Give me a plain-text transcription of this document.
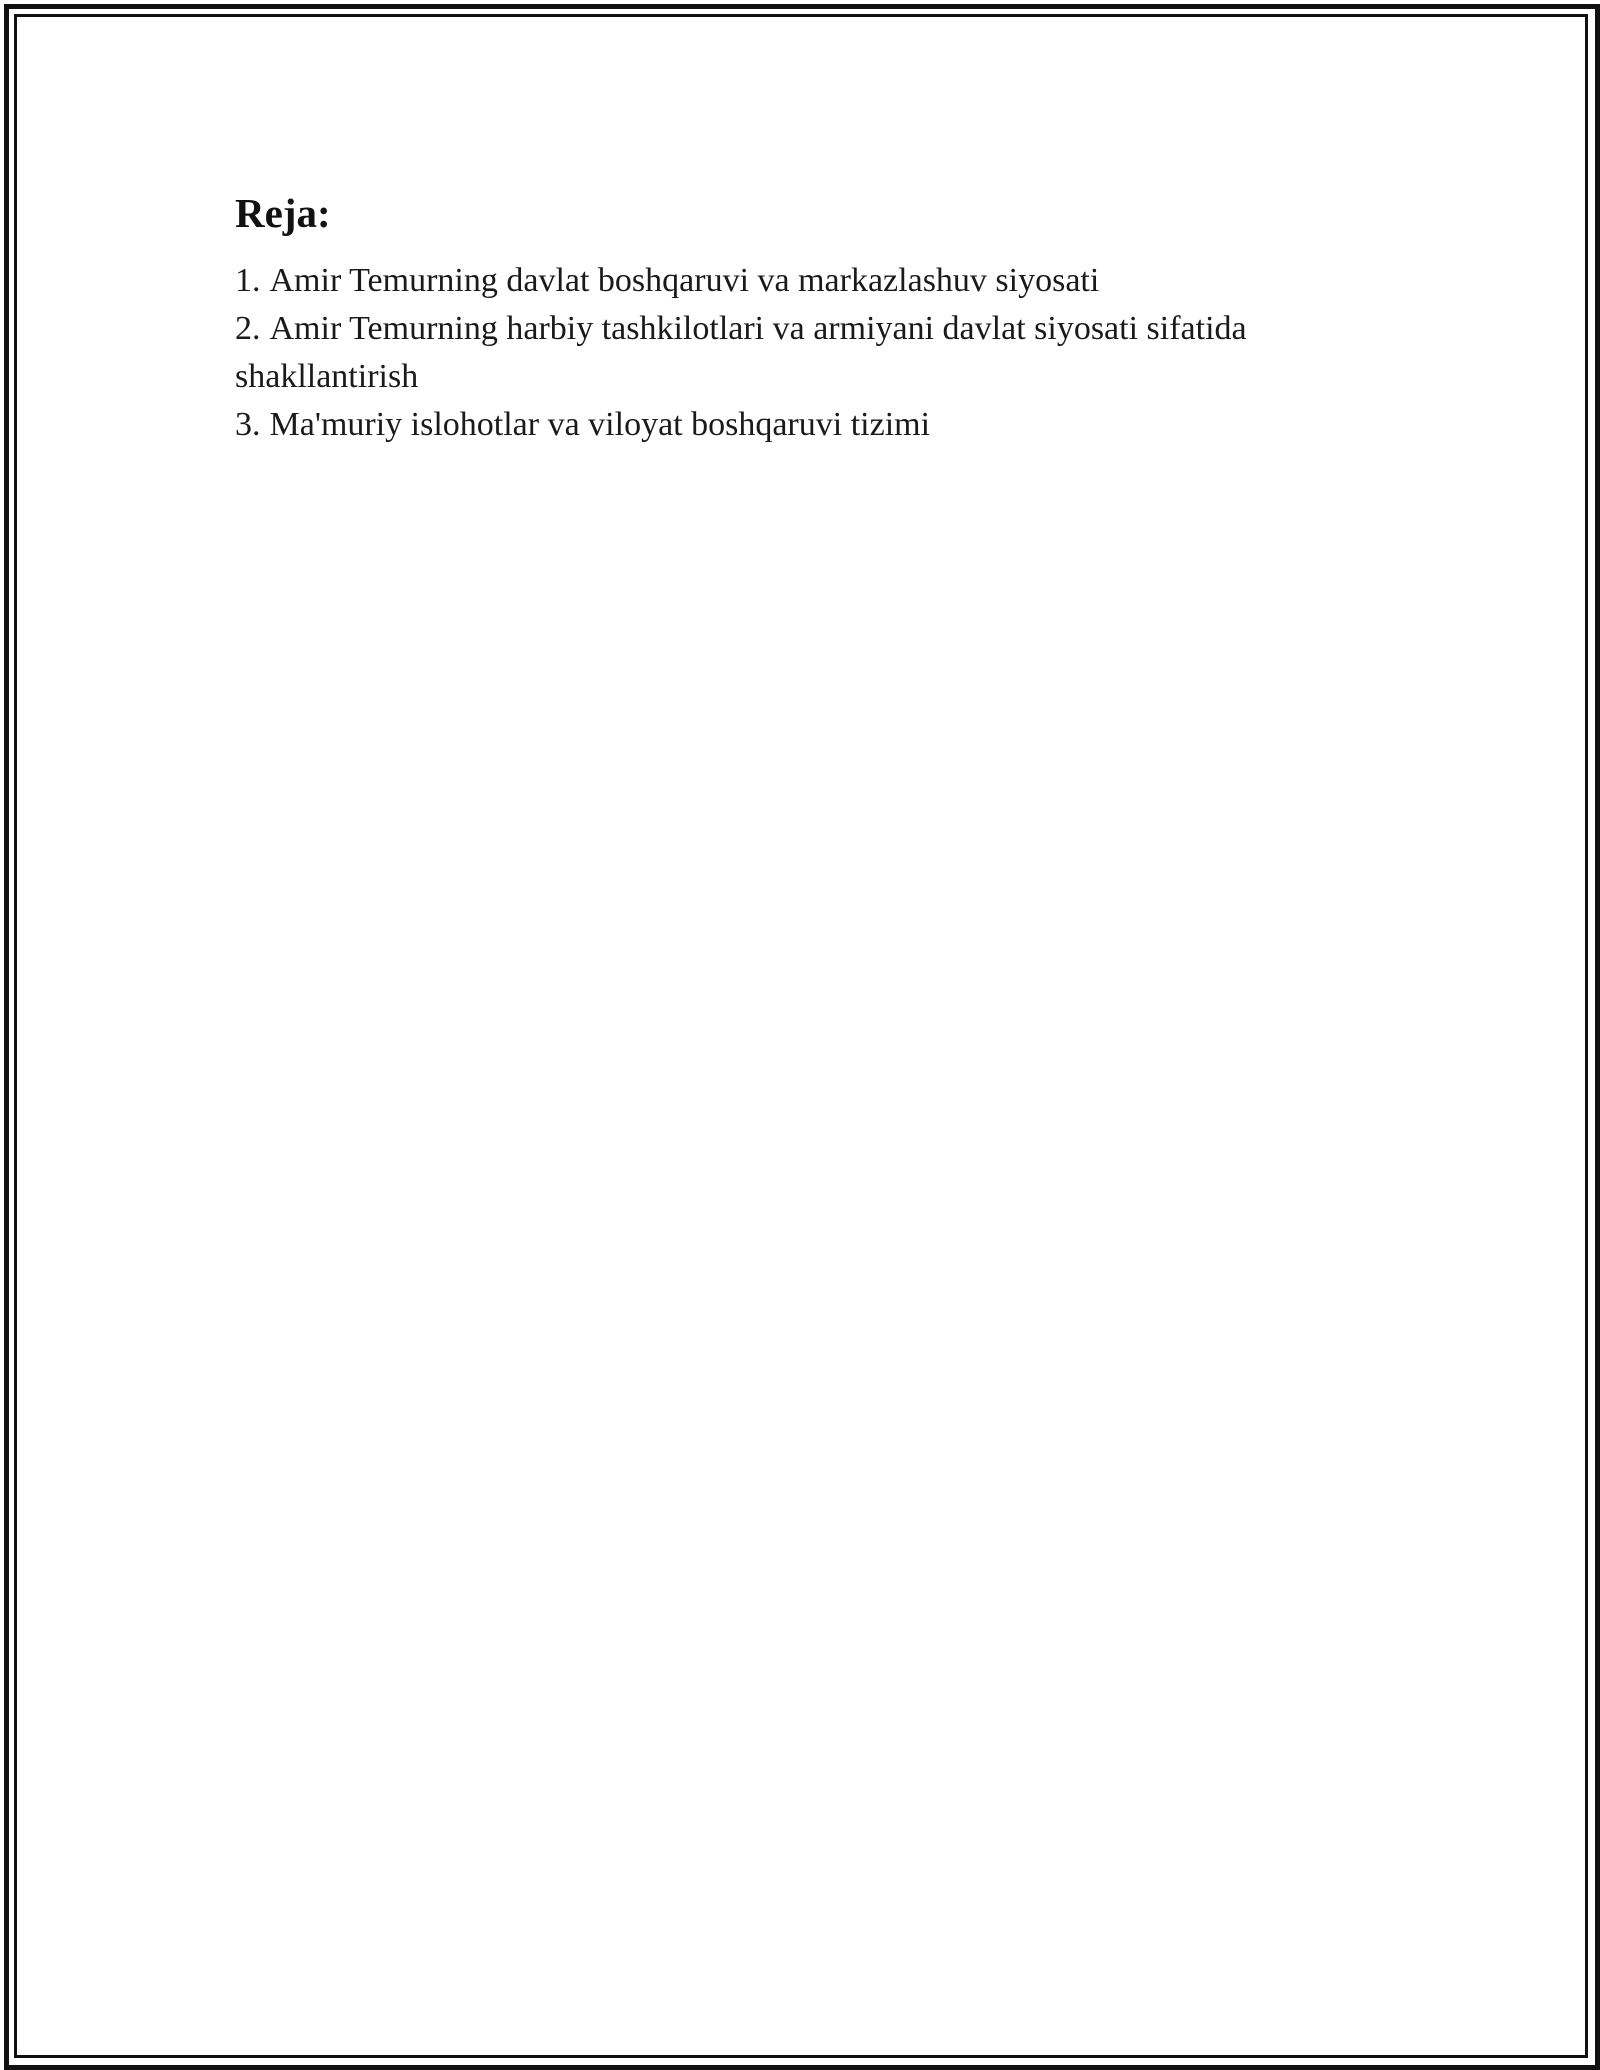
Reja:
1. Amir Temurning davlat boshqaruvi va markazlashuv siyosati
2. Amir Temurning harbiy tashkilotlari va armiyani davlat siyosati sifatida shakllantirish
3. Ma'muriy islohotlar va viloyat boshqaruvi tizimi
